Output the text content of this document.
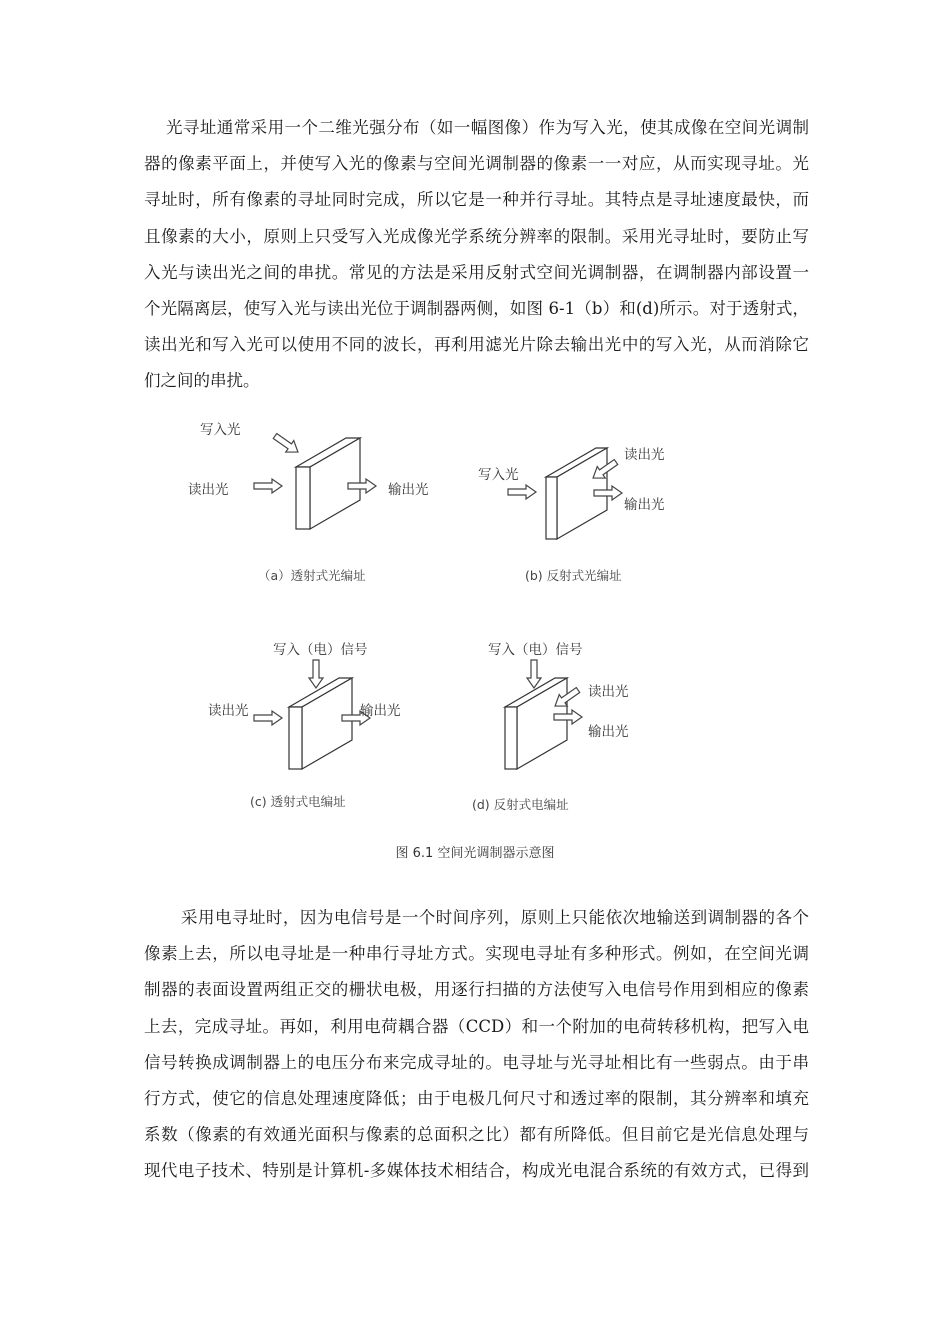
光寻址通常采用一个二维光强分布（如一幅图像）作为写入光，使其成像在空间光调制
器的像素平面上，并使写入光的像素与空间光调制器的像素一一对应，从而实现寻址。光
寻址时，所有像素的寻址同时完成，所以它是一种并行寻址。其特点是寻址速度最快，而
且像素的大小，原则上只受写入光成像光学系统分辨率的限制。采用光寻址时，要防止写
入光与读出光之间的串扰。常见的方法是采用反射式空间光调制器，在调制器内部设置一
个光隔离层，使写入光与读出光位于调制器两侧，如图 6-1（b）和(d)所示。对于透射式，
读出光和写入光可以使用不同的波长，再利用滤光片除去输出光中的写入光，从而消除它
们之间的串扰。
写入光
读出光	输出光
（a）透射式光编址
写入光
读出光
输出光
(b) 反射式光编址
写入（电）信号
读出光	输出光
(c) 透射式电编址
写入（电）信号
读出光
输出光
(d) 反射式电编址
图 6.1 空间光调制器示意图
采用电寻址时，因为电信号是一个时间序列，原则上只能依次地输送到调制器的各个
像素上去，所以电寻址是一种串行寻址方式。实现电寻址有多种形式。例如，在空间光调
制器的表面设置两组正交的栅状电极，用逐行扫描的方法使写入电信号作用到相应的像素
上去，完成寻址。再如，利用电荷耦合器（CCD）和一个附加的电荷转移机构，把写入电
信号转换成调制器上的电压分布来完成寻址的。电寻址与光寻址相比有一些弱点。由于串
行方式，使它的信息处理速度降低；由于电极几何尺寸和透过率的限制，其分辨率和填充
系数（像素的有效通光面积与像素的总面积之比）都有所降低。但目前它是光信息处理与
现代电子技术、特别是计算机-多媒体技术相结合，构成光电混合系统的有效方式，已得到
